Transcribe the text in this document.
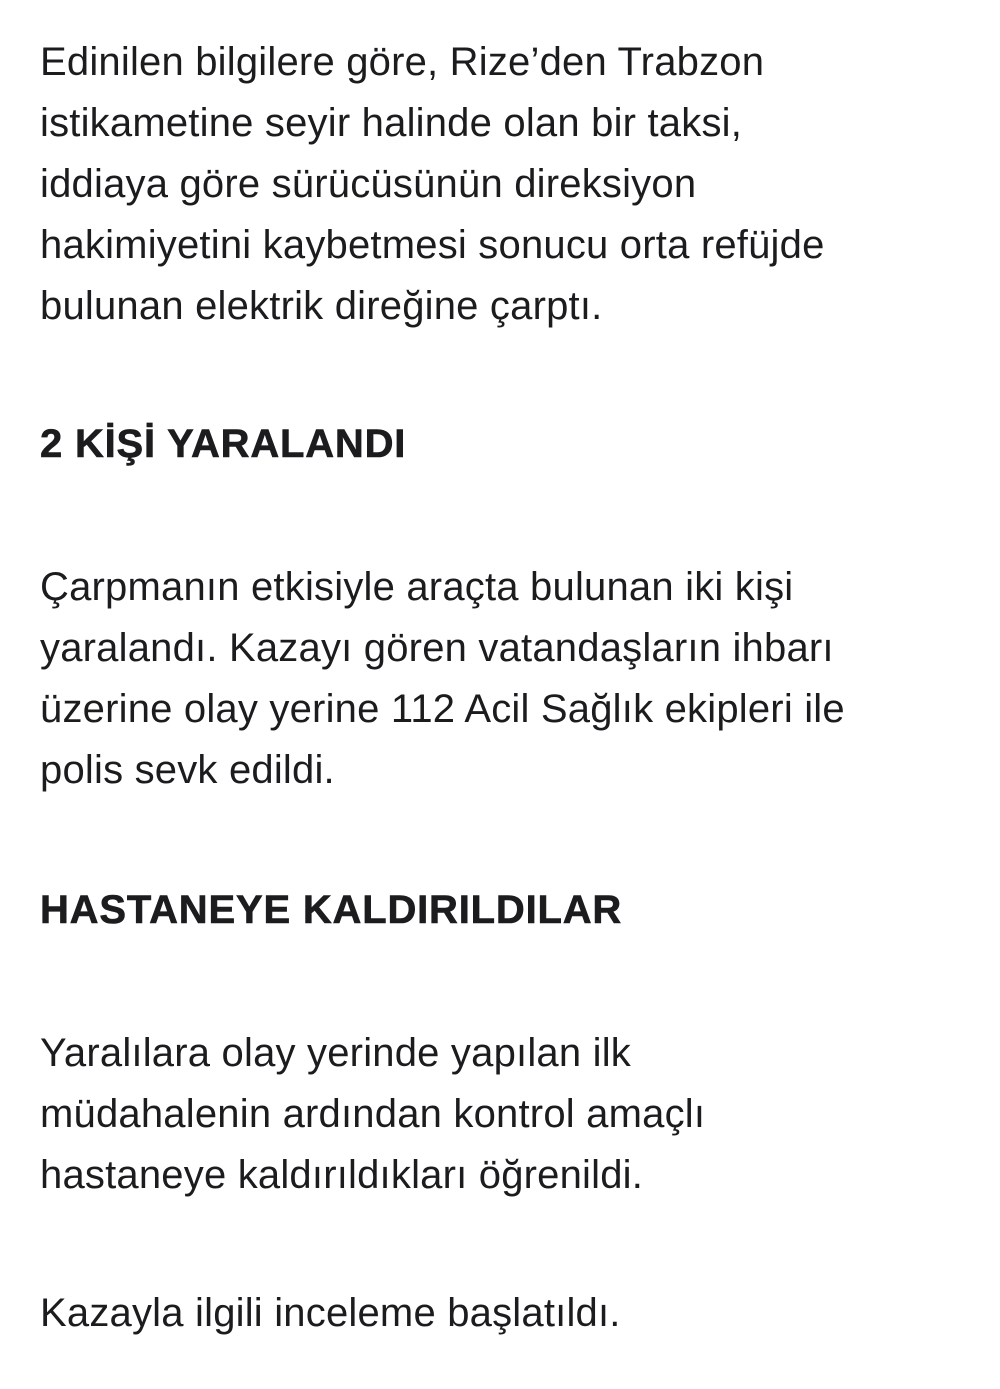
Edinilen bilgilere göre, Rize’den Trabzon
istikametine seyir halinde olan bir taksi,
iddiaya göre sürücüsünün direksiyon
hakimiyetini kaybetmesi sonucu orta refüjde
bulunan elektrik direğine çarptı.

2 KİŞİ YARALANDI

Çarpmanın etkisiyle araçta bulunan iki kişi
yaralandı. Kazayı gören vatandaşların ihbarı
üzerine olay yerine 112 Acil Sağlık ekipleri ile
polis sevk edildi.

HASTANEYE KALDIRILDILAR

Yaralılara olay yerinde yapılan ilk
müdahalenin ardından kontrol amaçlı
hastaneye kaldırıldıkları öğrenildi.

Kazayla ilgili inceleme başlatıldı.
